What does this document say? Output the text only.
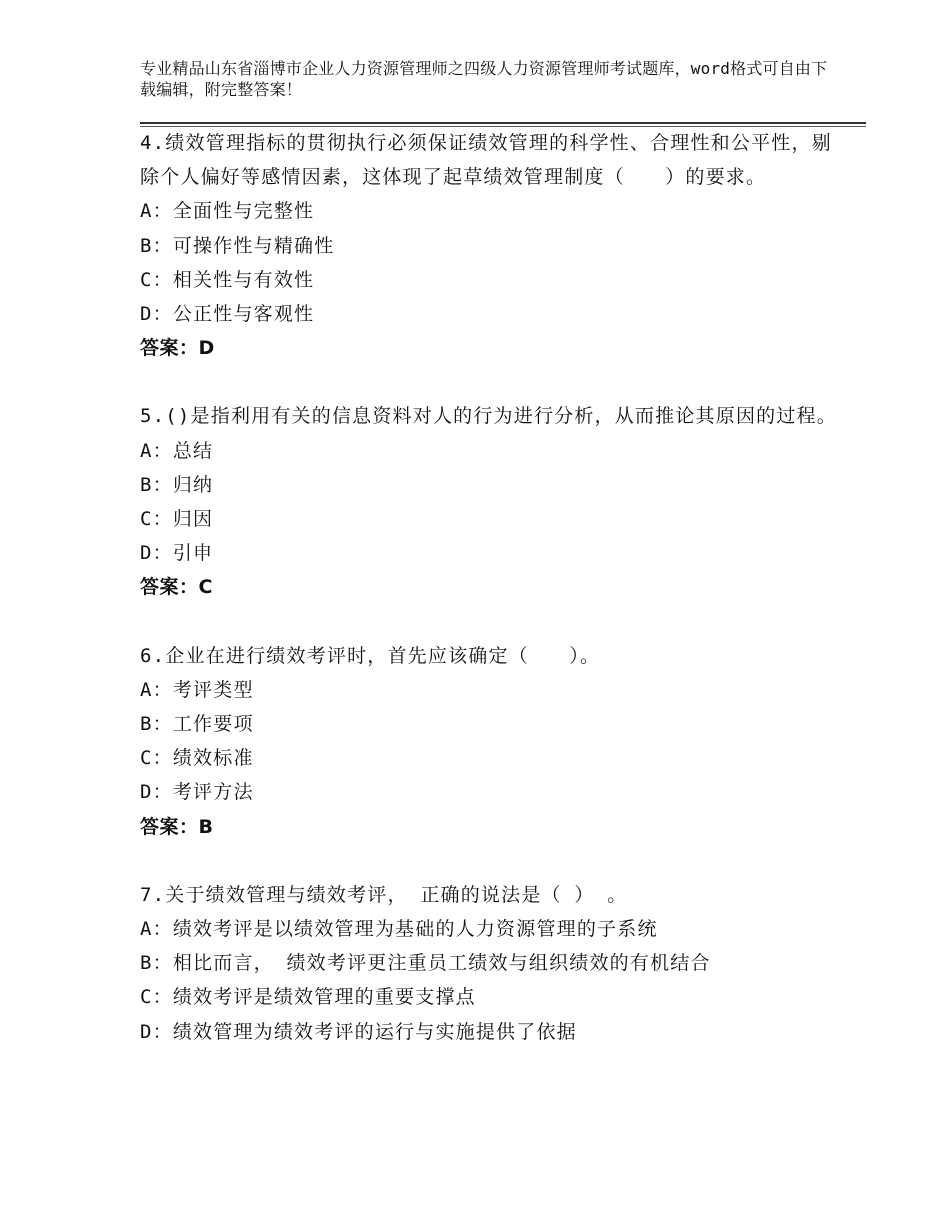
专业精品山东省淄博市企业人力资源管理师之四级人力资源管理师考试题库，word格式可自由下载编辑，附完整答案！

4.绩效管理指标的贯彻执行必须保证绩效管理的科学性、合理性和公平性，剔除个人偏好等感情因素，这体现了起草绩效管理制度（　　）的要求。

A：全面性与完整性

B：可操作性与精确性

C：相关性与有效性

D：公正性与客观性

答案：D

5.()是指利用有关的信息资料对人的行为进行分析，从而推论其原因的过程。

A：总结

B：归纳

C：归因

D：引申

答案：C

6.企业在进行绩效考评时，首先应该确定（　　）。

A：考评类型

B：工作要项

C：绩效标准

D：考评方法

答案：B

7.关于绩效管理与绩效考评， 正确的说法是（ ） 。

A：绩效考评是以绩效管理为基础的人力资源管理的子系统

B：相比而言， 绩效考评更注重员工绩效与组织绩效的有机结合

C：绩效考评是绩效管理的重要支撑点

D：绩效管理为绩效考评的运行与实施提供了依据
